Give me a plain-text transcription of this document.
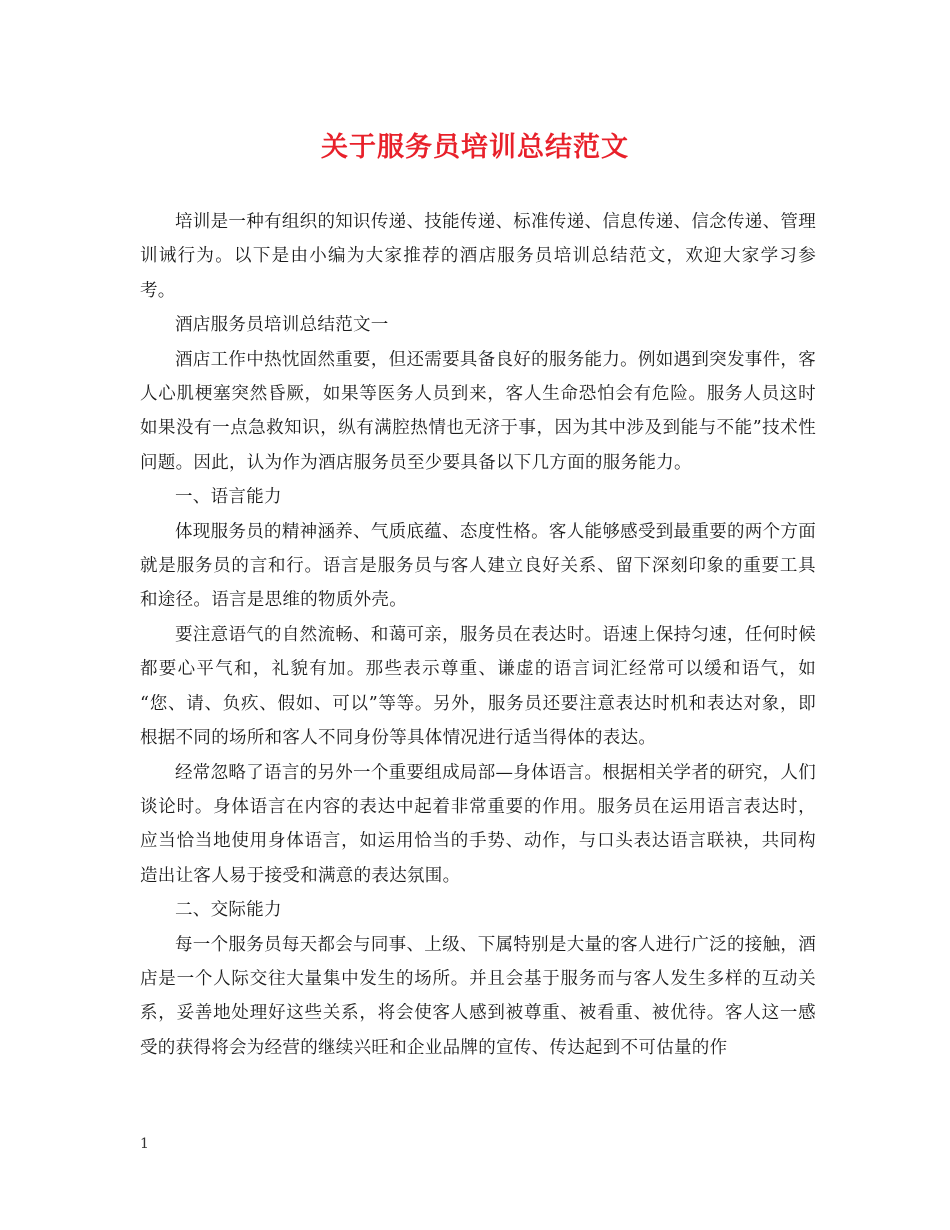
关于服务员培训总结范文

培训是一种有组织的知识传递、技能传递、标准传递、信息传递、信念传递、管理训诫行为。以下是由小编为大家推荐的酒店服务员培训总结范文，欢迎大家学习参考。

酒店服务员培训总结范文一

酒店工作中热忱固然重要，但还需要具备良好的服务能力。例如遇到突发事件，客人心肌梗塞突然昏厥，如果等医务人员到来，客人生命恐怕会有危险。服务人员这时如果没有一点急救知识，纵有满腔热情也无济于事，因为其中涉及到能与不能”技术性问题。因此，认为作为酒店服务员至少要具备以下几方面的服务能力。

一、语言能力

体现服务员的精神涵养、气质底蕴、态度性格。客人能够感受到最重要的两个方面就是服务员的言和行。语言是服务员与客人建立良好关系、留下深刻印象的重要工具和途径。语言是思维的物质外壳。

要注意语气的自然流畅、和蔼可亲，服务员在表达时。语速上保持匀速，任何时候都要心平气和，礼貌有加。那些表示尊重、谦虚的语言词汇经常可以缓和语气，如 “您、请、负疚、假如、可以”等等。另外，服务员还要注意表达时机和表达对象，即根据不同的场所和客人不同身份等具体情况进行适当得体的表达。

经常忽略了语言的另外一个重要组成局部—身体语言。根据相关学者的研究，人们谈论时。身体语言在内容的表达中起着非常重要的作用。服务员在运用语言表达时，应当恰当地使用身体语言，如运用恰当的手势、动作，与口头表达语言联袂，共同构造出让客人易于接受和满意的表达氛围。

二、交际能力

每一个服务员每天都会与同事、上级、下属特别是大量的客人进行广泛的接触，酒店是一个人际交往大量集中发生的场所。并且会基于服务而与客人发生多样的互动关系，妥善地处理好这些关系，将会使客人感到被尊重、被看重、被优待。客人这一感受的获得将会为经营的继续兴旺和企业品牌的宣传、传达起到不可估量的作

1
